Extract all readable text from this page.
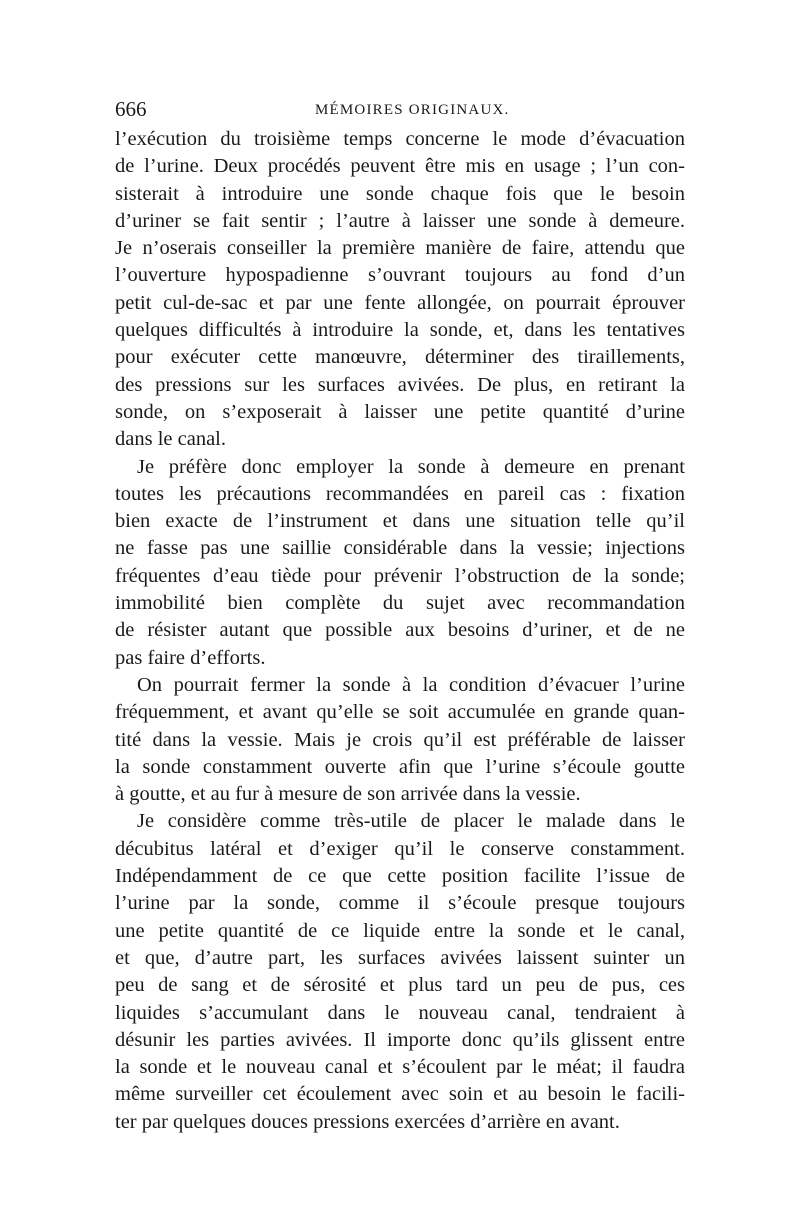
666	MÉMOIRES ORIGINAUX.
l’exécution du troisième temps concerne le mode d’évacuation
de l’urine. Deux procédés peuvent être mis en usage ; l’un con-
sisterait à introduire une sonde chaque fois que le besoin
d’uriner se fait sentir ; l’autre à laisser une sonde à demeure.
Je n’oserais conseiller la première manière de faire, attendu que
l’ouverture hypospadienne s’ouvrant toujours au fond d’un
petit cul-de-sac et par une fente allongée, on pourrait éprouver
quelques difficultés à introduire la sonde, et, dans les tentatives
pour exécuter cette manœuvre, déterminer des tiraillements,
des pressions sur les surfaces avivées. De plus, en retirant la
sonde, on s’exposerait à laisser une petite quantité d’urine
dans le canal.
Je préfère donc employer la sonde à demeure en prenant
toutes les précautions recommandées en pareil cas : fixation
bien exacte de l’instrument et dans une situation telle qu’il
ne fasse pas une saillie considérable dans la vessie; injections
fréquentes d’eau tiède pour prévenir l’obstruction de la sonde;
immobilité bien complète du sujet avec recommandation
de résister autant que possible aux besoins d’uriner, et de ne
pas faire d’efforts.
On pourrait fermer la sonde à la condition d’évacuer l’urine
fréquemment, et avant qu’elle se soit accumulée en grande quan-
tité dans la vessie. Mais je crois qu’il est préférable de laisser
la sonde constamment ouverte afin que l’urine s’écoule goutte
à goutte, et au fur à mesure de son arrivée dans la vessie.
Je considère comme très-utile de placer le malade dans le
décubitus latéral et d’exiger qu’il le conserve constamment.
Indépendamment de ce que cette position facilite l’issue de
l’urine par la sonde, comme il s’écoule presque toujours
une petite quantité de ce liquide entre la sonde et le canal,
et que, d’autre part, les surfaces avivées laissent suinter un
peu de sang et de sérosité et plus tard un peu de pus, ces
liquides s’accumulant dans le nouveau canal, tendraient à
désunir les parties avivées. Il importe donc qu’ils glissent entre
la sonde et le nouveau canal et s’écoulent par le méat; il faudra
même surveiller cet écoulement avec soin et au besoin le facili-
ter par quelques douces pressions exercées d’arrière en avant.
